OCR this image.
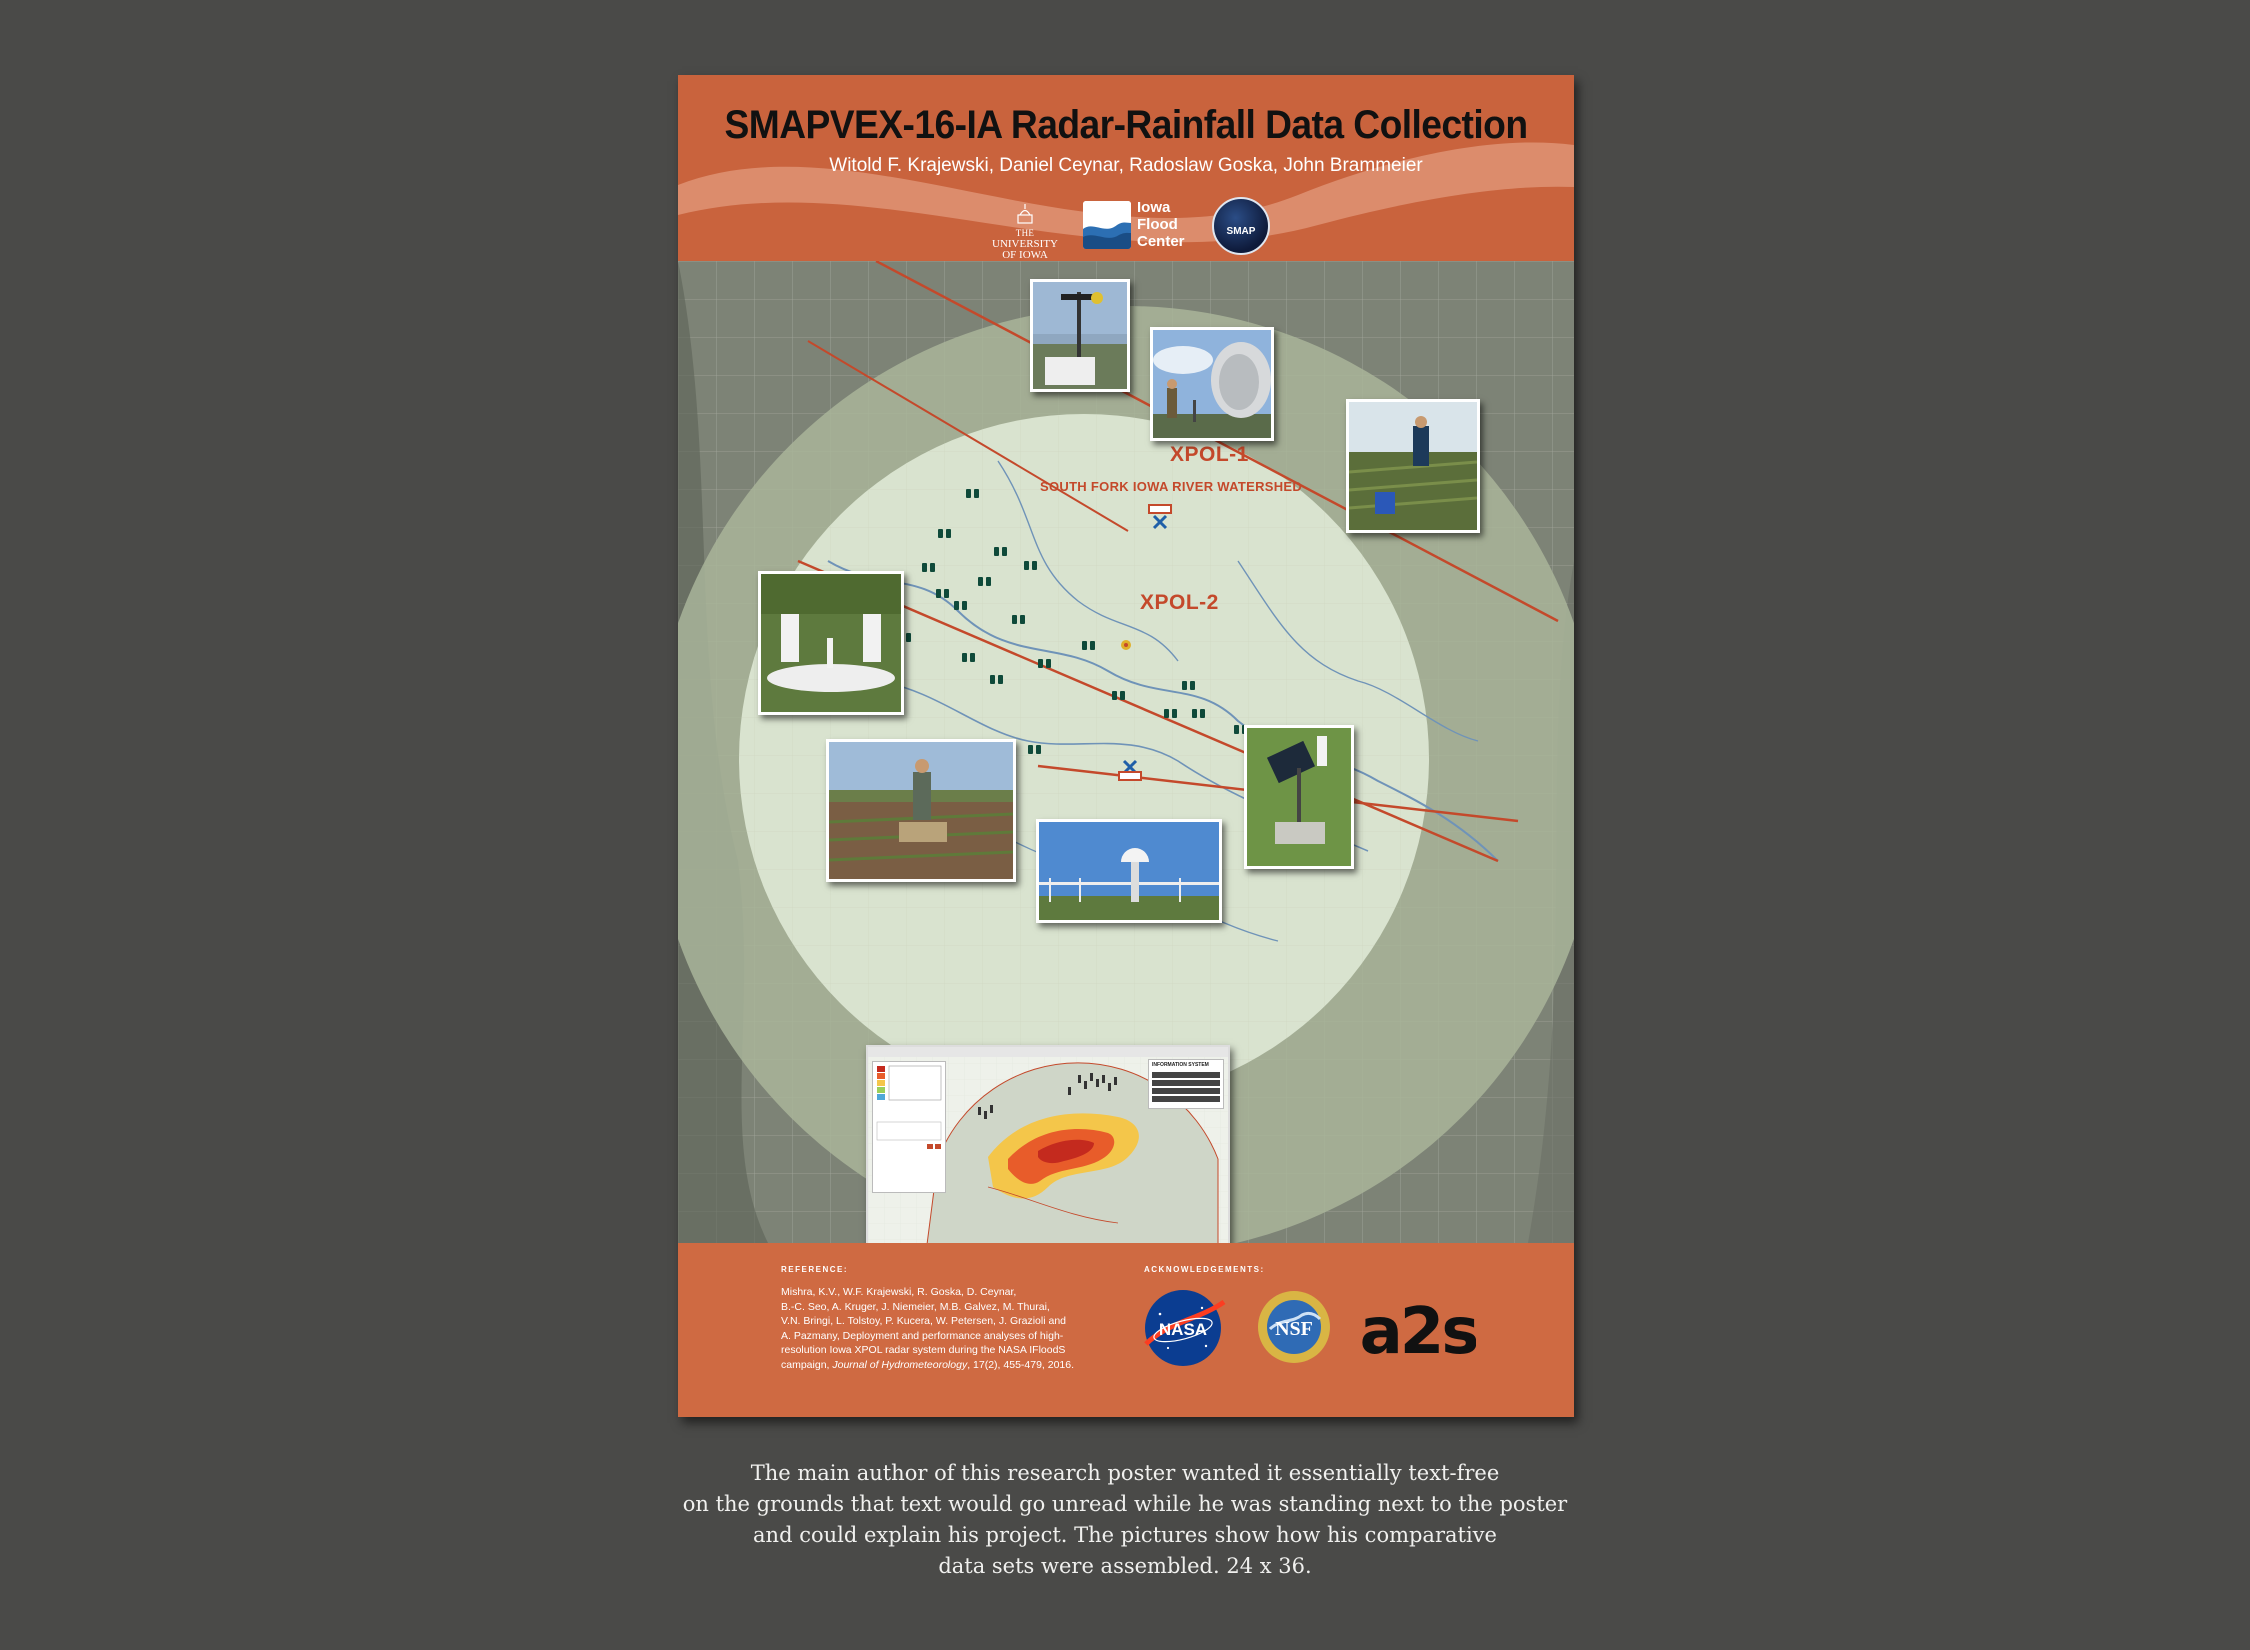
SMAPVEX-16-IA Radar-Rainfall Data Collection
Witold F. Krajewski, Daniel Ceynar, Radoslaw Goska, John Brammeier
THE
UNIVERSITY
OF IOWA
Iowa
Flood
Center
SMAP
XPOL-1
XPOL-2
SOUTH FORK IOWA RIVER WATERSHED
INFORMATION SYSTEM
REFERENCE:
Mishra, K.V., W.F. Krajewski, R. Goska, D. Ceynar,
B.-C. Seo, A. Kruger, J. Niemeier, M.B. Galvez, M. Thurai,
V.N. Bringi, L. Tolstoy, P. Kucera, W. Petersen, J. Grazioli and
A. Pazmany, Deployment and performance analyses of high-
resolution Iowa XPOL radar system during the NASA IFloodS
campaign, Journal of Hydrometeorology, 17(2), 455-479, 2016.
ACKNOWLEDGEMENTS:
NASA	NSF a2s
The main author of this research poster wanted it essentially text-free
on the grounds that text would go unread while he was standing next to the poster
and could explain his project. The pictures show how his comparative
data sets were assembled. 24 x 36.
